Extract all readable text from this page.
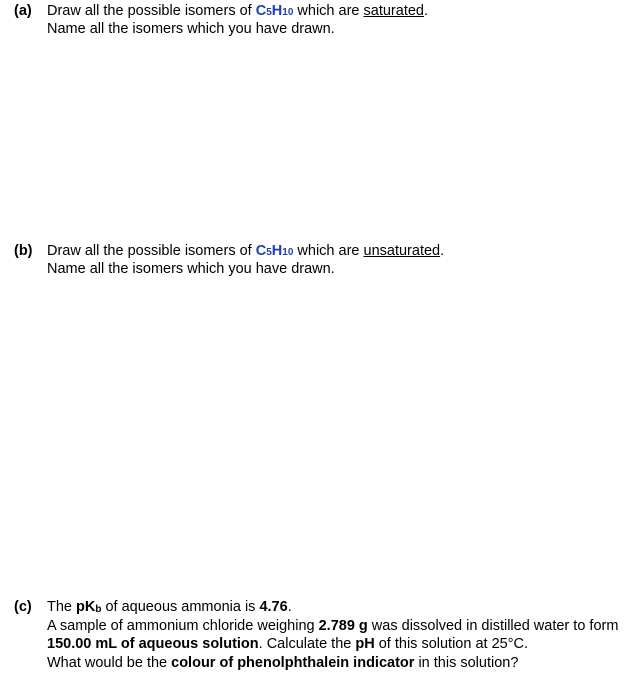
(a) Draw all the possible isomers of C5H10 which are saturated.
Name all the isomers which you have drawn.
(b) Draw all the possible isomers of C5H10 which are unsaturated.
Name all the isomers which you have drawn.
(c) The $pK_b$ of aqueous ammonia is 4.76.
A sample of ammonium chloride weighing 2.789 g was dissolved in distilled water to form
150.00 mL of aqueous solution. Calculate the pH of this solution at 25°C.
What would be the colour of phenolphthalein indicator in this solution?
